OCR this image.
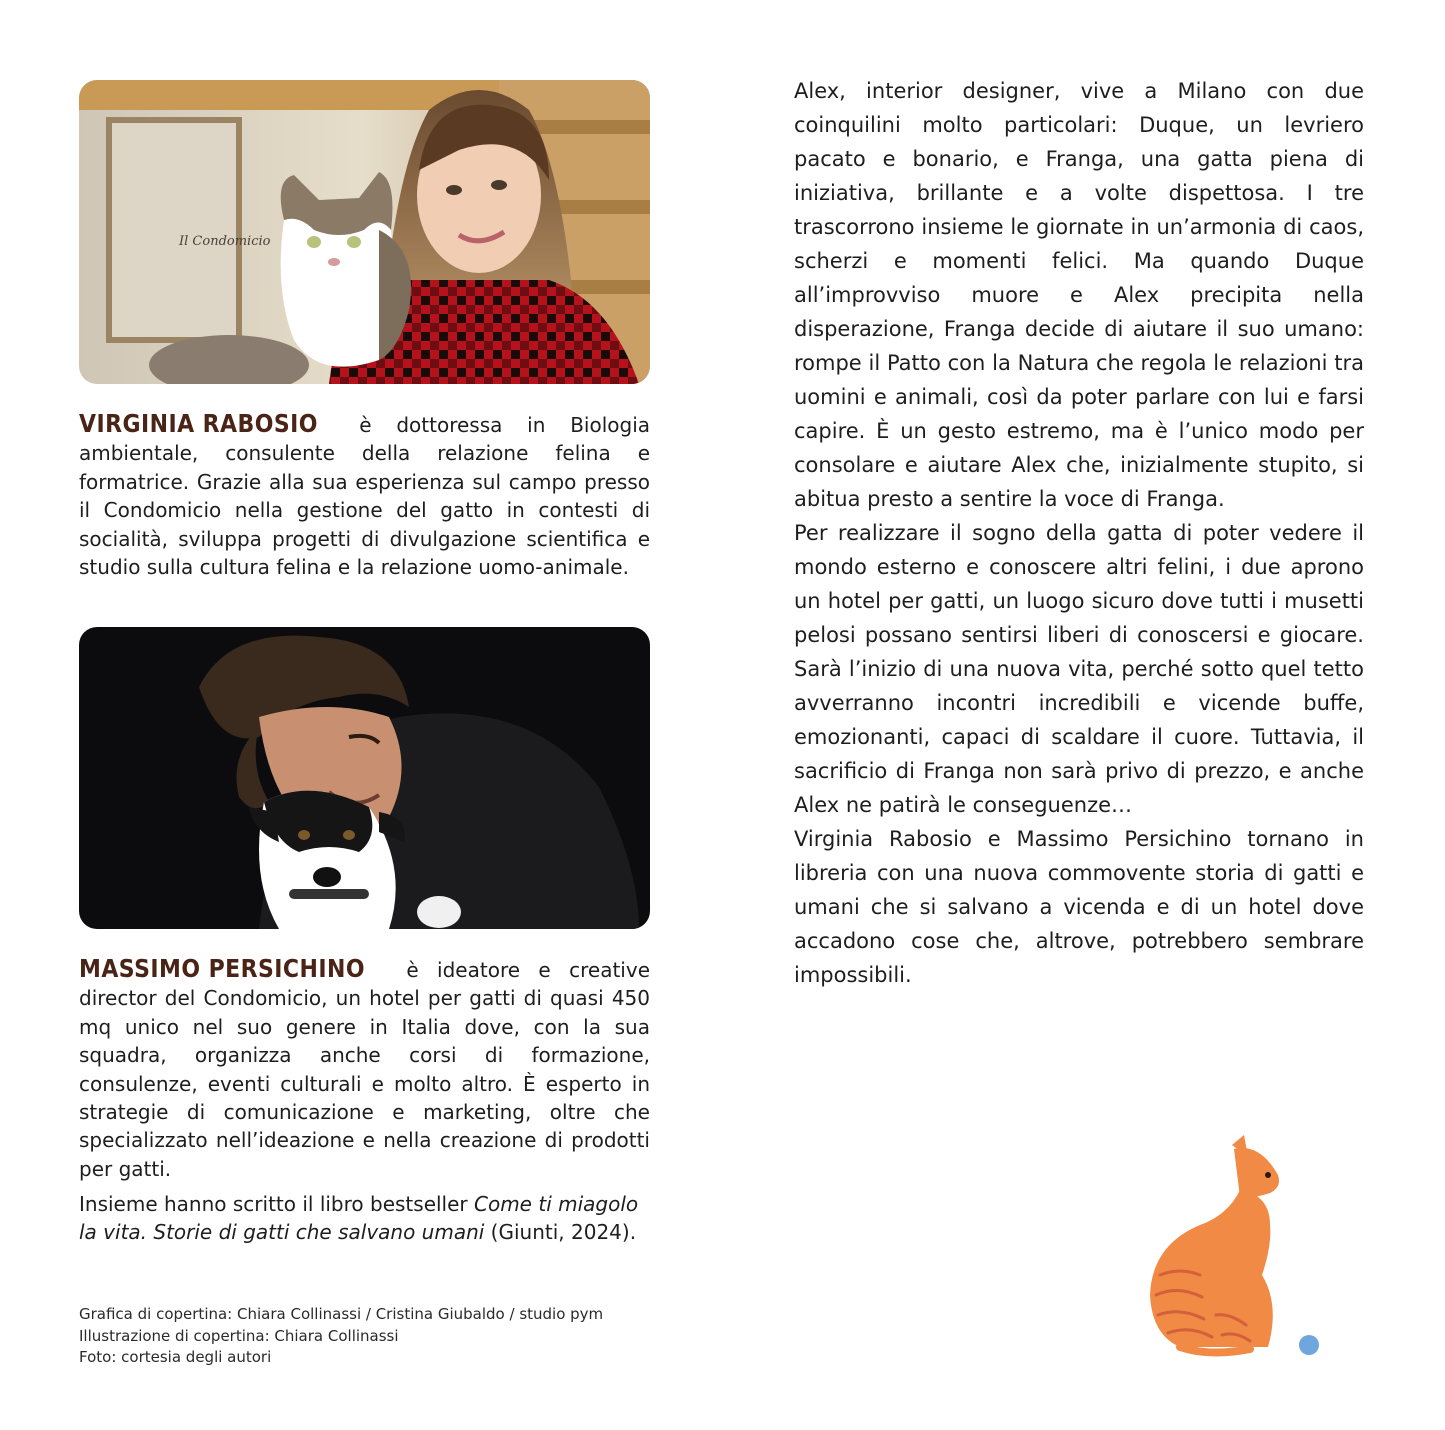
Il Condomicio
VIRGINIA RABOSIO è dottoressa in Biologia ambientale, consulente della relazione felina e formatrice. Grazie alla sua esperienza sul campo presso il Condomicio nella gestione del gatto in contesti di socialità, sviluppa progetti di divulgazione scientifica e studio sulla cultura felina e la relazione uomo-animale.
MASSIMO PERSICHINO è ideatore e creative director del Condomicio, un hotel per gatti di quasi 450 mq unico nel suo genere in Italia dove, con la sua squadra, organizza anche corsi di formazione, consulenze, eventi culturali e molto altro. È esperto in strategie di comunicazione e marketing, oltre che specializzato nell’ideazione e nella creazione di prodotti per gatti.
Insieme hanno scritto il libro bestseller Come ti miagolo la vita. Storie di gatti che salvano umani (Giunti, 2024).
Grafica di copertina: Chiara Collinassi / Cristina Giubaldo / studio pym
Illustrazione di copertina: Chiara Collinassi
Foto: cortesia degli autori

Alex, interior designer, vive a Milano con due coinquilini molto particolari: Duque, un levriero pacato e bonario, e Franga, una gatta piena di iniziativa, brillante e a volte dispettosa. I tre trascorrono insieme le giornate in un’armonia di caos, scherzi e momenti felici. Ma quando Duque all’improvviso muore e Alex precipita nella disperazione, Franga decide di aiutare il suo umano: rompe il Patto con la Natura che regola le relazioni tra uomini e animali, così da poter parlare con lui e farsi capire. È un gesto estremo, ma è l’unico modo per consolare e aiutare Alex che, inizialmente stupito, si abitua presto a sentire la voce di Franga.

Per realizzare il sogno della gatta di poter vedere il mondo esterno e conoscere altri felini, i due aprono un hotel per gatti, un luogo sicuro dove tutti i musetti pelosi possano sentirsi liberi di conoscersi e giocare. Sarà l’inizio di una nuova vita, perché sotto quel tetto avverranno incontri incredibili e vicende buffe, emozionanti, capaci di scaldare il cuore. Tuttavia, il sacrificio di Franga non sarà privo di prezzo, e anche Alex ne patirà le conseguenze…

Virginia Rabosio e Massimo Persichino tornano in libreria con una nuova commovente storia di gatti e umani che si salvano a vicenda e di un hotel dove accadono cose che, altrove, potrebbero sembrare impossibili.
